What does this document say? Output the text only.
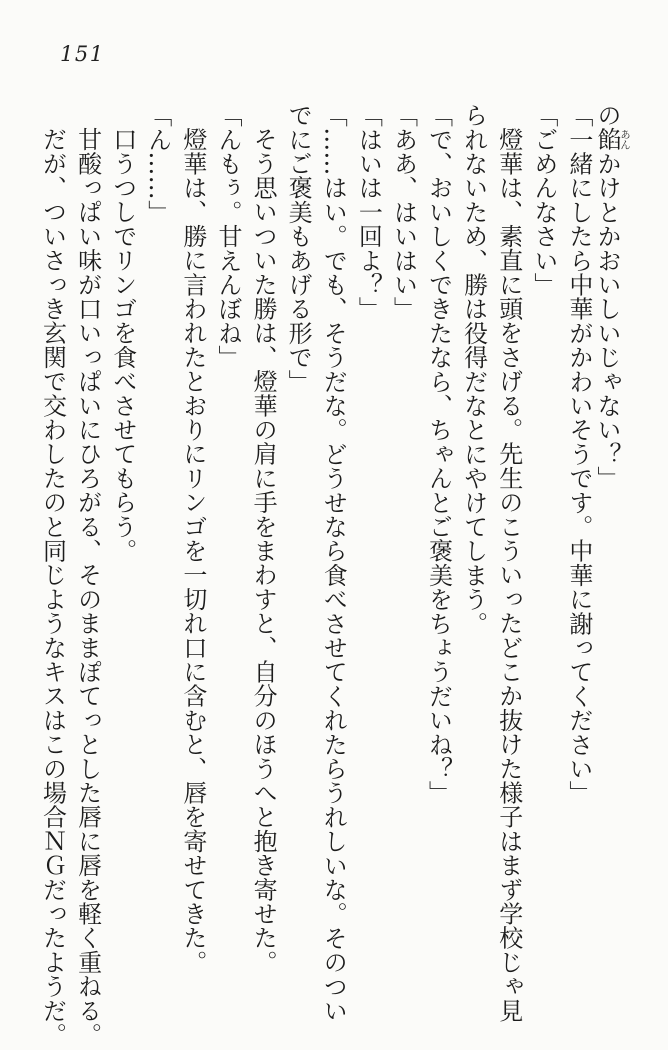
151
の餡あんかけとかおいしいじゃない？」
「一緒にしたら中華がかわいそうです。中華に謝ってください」
「ごめんなさい」
燈華は、素直に頭をさげる。先生のこういったどこか抜けた様子はまず学校じゃ見
られないため、勝は役得だなとにやけてしまう。
「で、おいしくできたなら、ちゃんとご褒美をちょうだいね？」
「ああ、はいはい」
「はいは一回よ？」
「……はい。でも、そうだな。どうせなら食べさせてくれたらうれしいな。そのつい
でにご褒美もあげる形で」
そう思いついた勝は、燈華の肩に手をまわすと、自分のほうへと抱き寄せた。
「んもぅ。甘えんぼね」
燈華は、勝に言われたとおりにリンゴを一切れ口に含むと、唇を寄せてきた。
「ん……」
口うつしでリンゴを食べさせてもらう。
甘酸っぱい味が口いっぱいにひろがる、そのままぽてっとした唇に唇を軽く重ねる。
だが、ついさっき玄関で交わしたのと同じようなキスはこの場合ＮＧだったようだ。
